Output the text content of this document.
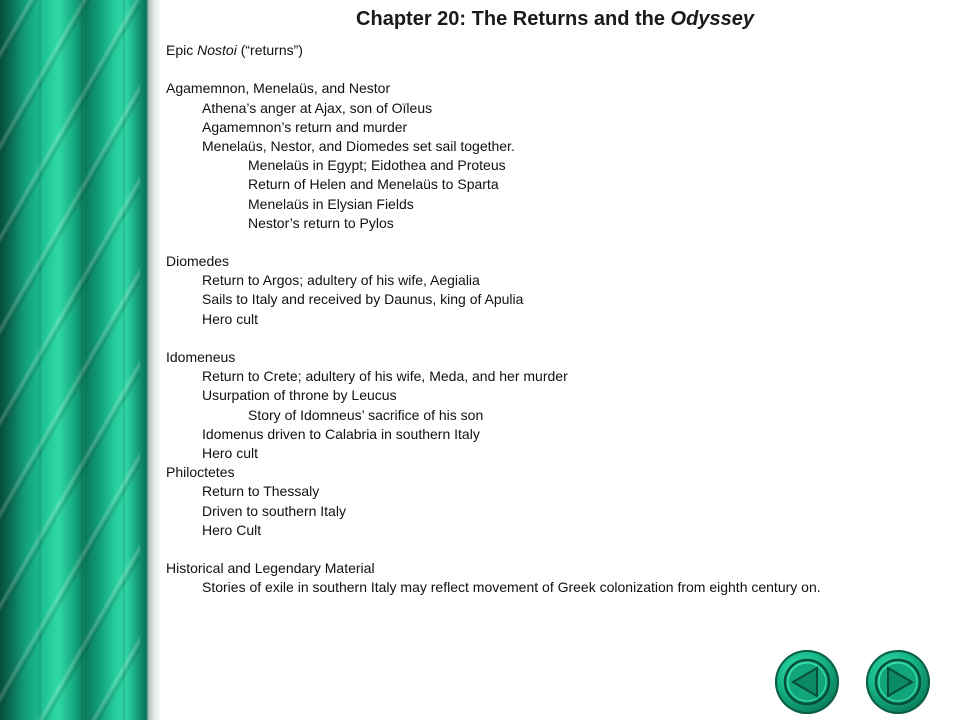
Chapter 20: The Returns and the Odyssey
Epic Nostoi (“returns”)
Agamemnon, Menelaüs, and Nestor
Athena’s anger at Ajax, son of Oïleus
Agamemnon’s return and murder
Menelaüs, Nestor, and Diomedes set sail together.
Menelaüs in Egypt; Eidothea and Proteus
Return of Helen and Menelaüs to Sparta
Menelaüs in Elysian Fields
Nestor’s return to Pylos
Diomedes
Return to Argos; adultery of his wife, Aegialia
Sails to Italy and received by Daunus, king of Apulia
Hero cult
Idomeneus
Return to Crete; adultery of his wife, Meda, and her murder
Usurpation of throne by Leucus
Story of Idomneus’ sacrifice of his son
Idomenus driven to Calabria in southern Italy
Hero cult
Philoctetes
Return to Thessaly
Driven to southern Italy
Hero Cult
Historical and Legendary Material
Stories of exile in southern Italy may reflect movement of Greek colonization from eighth century on.
